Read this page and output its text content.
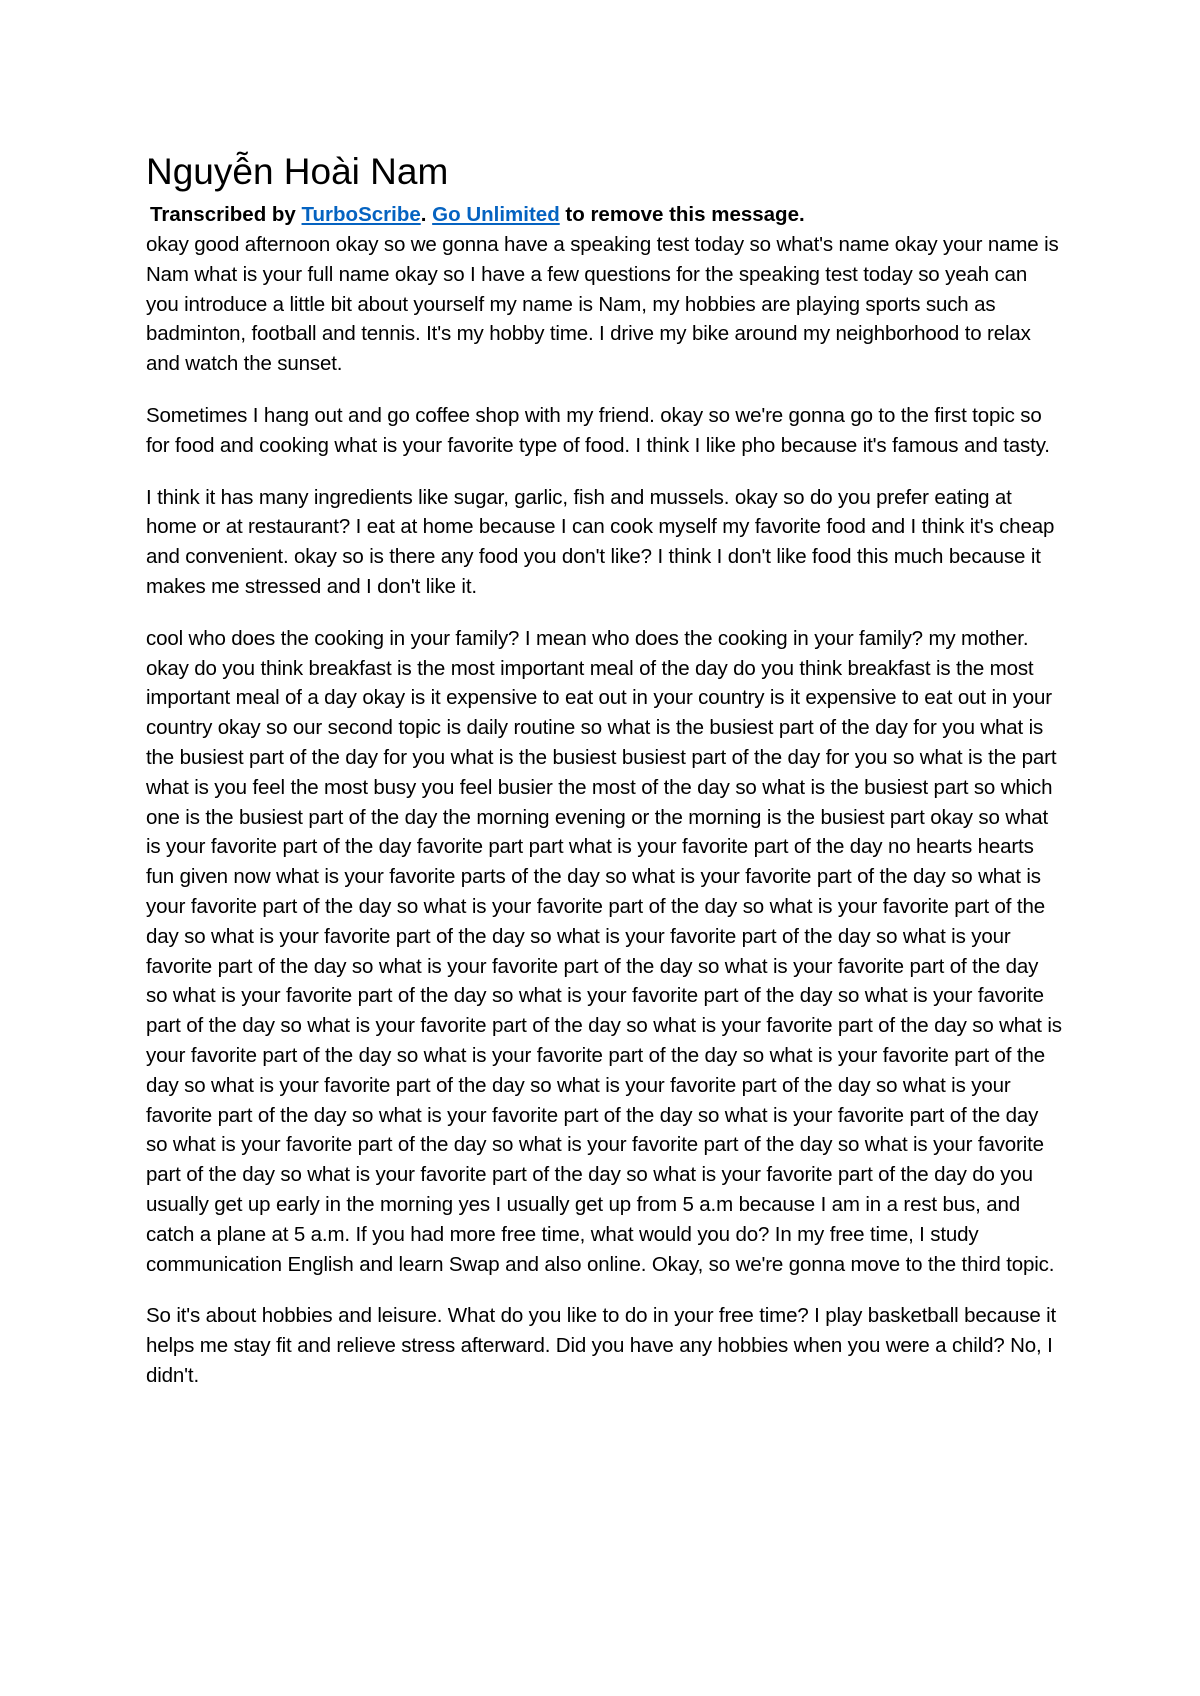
Nguyễn Hoài Nam
Transcribed by TurboScribe. Go Unlimited to remove this message.

okay good afternoon okay so we gonna have a speaking test today so what's name okay your name is Nam what is your full name okay so I have a few questions for the speaking test today so yeah can you introduce a little bit about yourself my name is Nam, my hobbies are playing sports such as badminton, football and tennis. It's my hobby time. I drive my bike around my neighborhood to relax and watch the sunset.

Sometimes I hang out and go coffee shop with my friend. okay so we're gonna go to the first topic so for food and cooking what is your favorite type of food. I think I like pho because it's famous and tasty.

I think it has many ingredients like sugar, garlic, fish and mussels. okay so do you prefer eating at home or at restaurant? I eat at home because I can cook myself my favorite food and I think it's cheap and convenient. okay so is there any food you don't like? I think I don't like food this much because it makes me stressed and I don't like it.

cool who does the cooking in your family? I mean who does the cooking in your family? my mother. okay do you think breakfast is the most important meal of the day do you think breakfast is the most important meal of a day okay is it expensive to eat out in your country is it expensive to eat out in your country okay so our second topic is daily routine so what is the busiest part of the day for you what is the busiest part of the day for you what is the busiest busiest part of the day for you so what is the part what is you feel the most busy you feel busier the most of the day so what is the busiest part so which one is the busiest part of the day the morning evening or the morning is the busiest part okay so what is your favorite part of the day favorite part part what is your favorite part of the day no hearts hearts fun given now what is your favorite parts of the day so what is your favorite part of the day so what is your favorite part of the day so what is your favorite part of the day so what is your favorite part of the day so what is your favorite part of the day so what is your favorite part of the day so what is your favorite part of the day so what is your favorite part of the day so what is your favorite part of the day so what is your favorite part of the day so what is your favorite part of the day so what is your favorite part of the day so what is your favorite part of the day so what is your favorite part of the day so what is your favorite part of the day so what is your favorite part of the day so what is your favorite part of the day so what is your favorite part of the day so what is your favorite part of the day so what is your favorite part of the day so what is your favorite part of the day so what is your favorite part of the day so what is your favorite part of the day so what is your favorite part of the day so what is your favorite part of the day so what is your favorite part of the day so what is your favorite part of the day do you usually get up early in the morning yes I usually get up from 5 a.m because I am in a rest bus, and catch a plane at 5 a.m. If you had more free time, what would you do? In my free time, I study communication English and learn Swap and also online. Okay, so we're gonna move to the third topic.

So it's about hobbies and leisure. What do you like to do in your free time? I play basketball because it helps me stay fit and relieve stress afterward. Did you have any hobbies when you were a child? No, I didn't.
